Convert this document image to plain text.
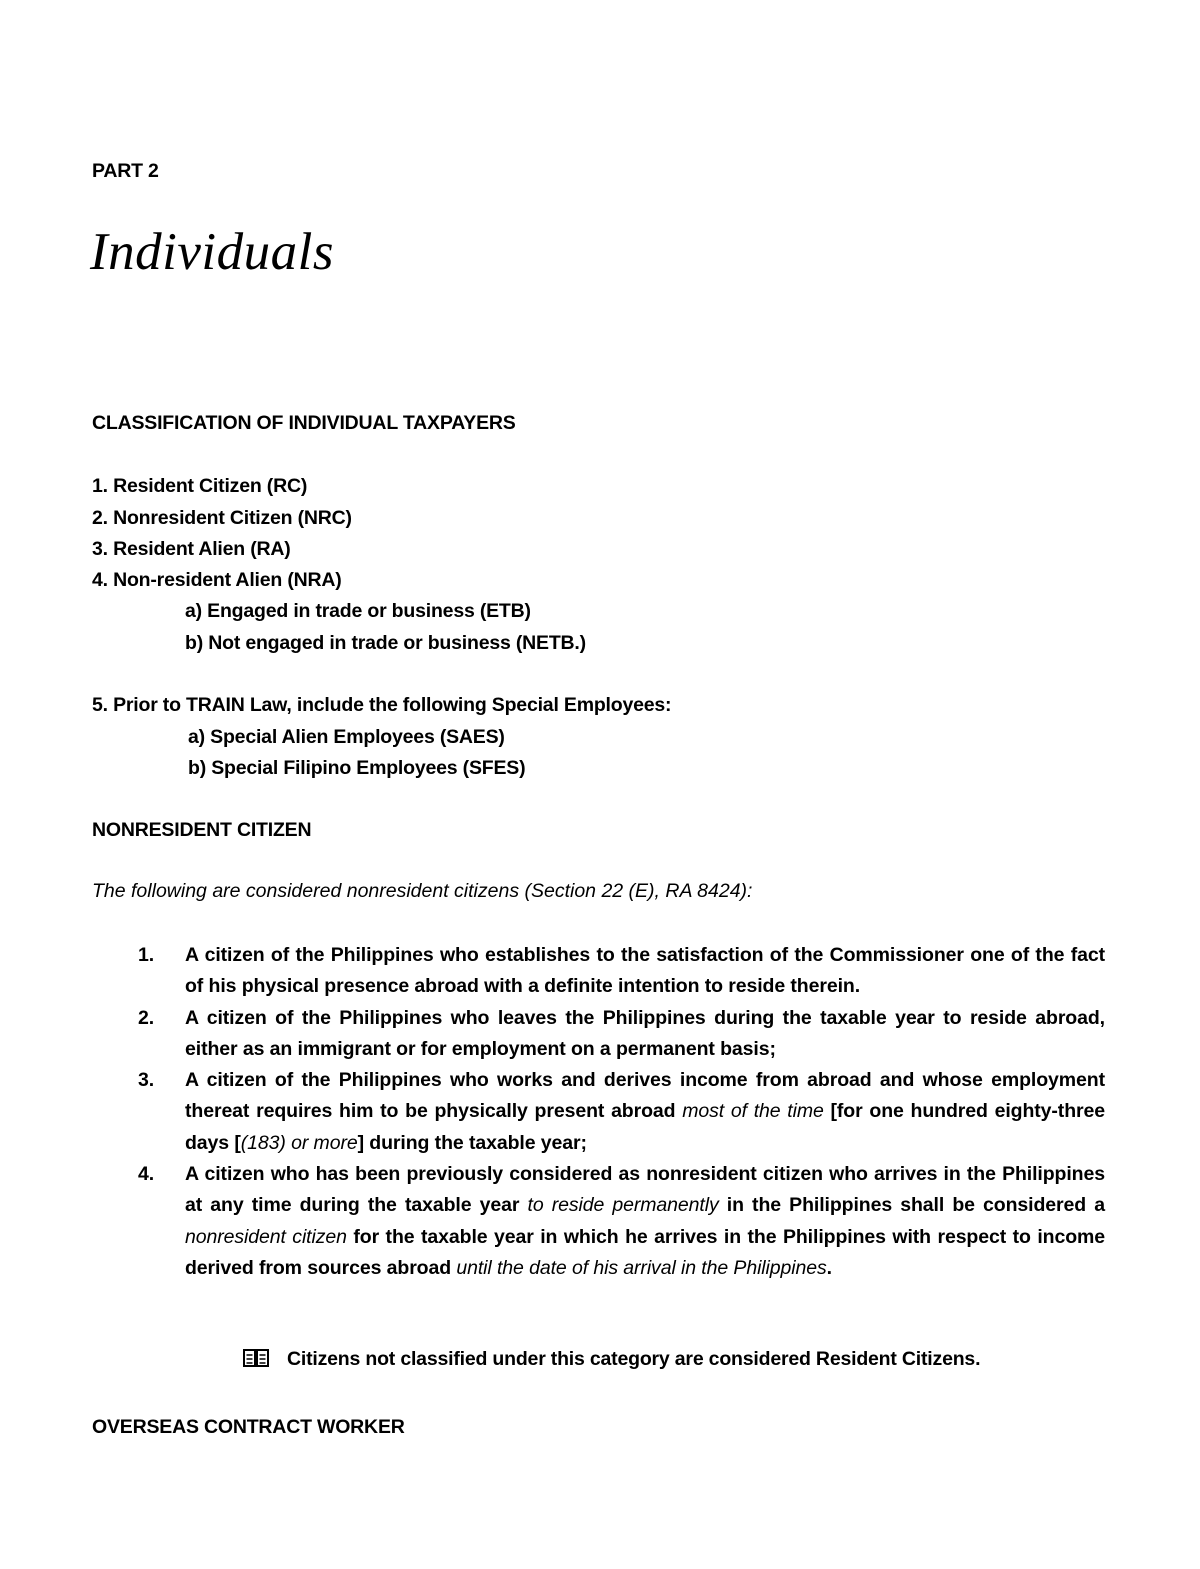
PART 2
Individuals
CLASSIFICATION OF INDIVIDUAL TAXPAYERS
1. Resident Citizen (RC)
2. Nonresident Citizen (NRC)
3. Resident Alien (RA)
4. Non-resident Alien (NRA)
a) Engaged in trade or business (ETB)
b) Not engaged in trade or business (NETB.)
5. Prior to TRAIN Law, include the following Special Employees:
a) Special Alien Employees (SAES)
b) Special Filipino Employees (SFES)
NONRESIDENT CITIZEN
The following are considered nonresident citizens (Section 22 (E), RA 8424):
1. A citizen of the Philippines who establishes to the satisfaction of the Commissioner one of the fact of his physical presence abroad with a definite intention to reside therein.
2. A citizen of the Philippines who leaves the Philippines during the taxable year to reside abroad, either as an immigrant or for employment on a permanent basis;
3. A citizen of the Philippines who works and derives income from abroad and whose employment thereat requires him to be physically present abroad most of the time [for one hundred eighty-three days [(183) or more] during the taxable year;
4. A citizen who has been previously considered as nonresident citizen who arrives in the Philippines at any time during the taxable year to reside permanently in the Philippines shall be considered a nonresident citizen for the taxable year in which he arrives in the Philippines with respect to income derived from sources abroad until the date of his arrival in the Philippines.
Citizens not classified under this category are considered Resident Citizens.
OVERSEAS CONTRACT WORKER
